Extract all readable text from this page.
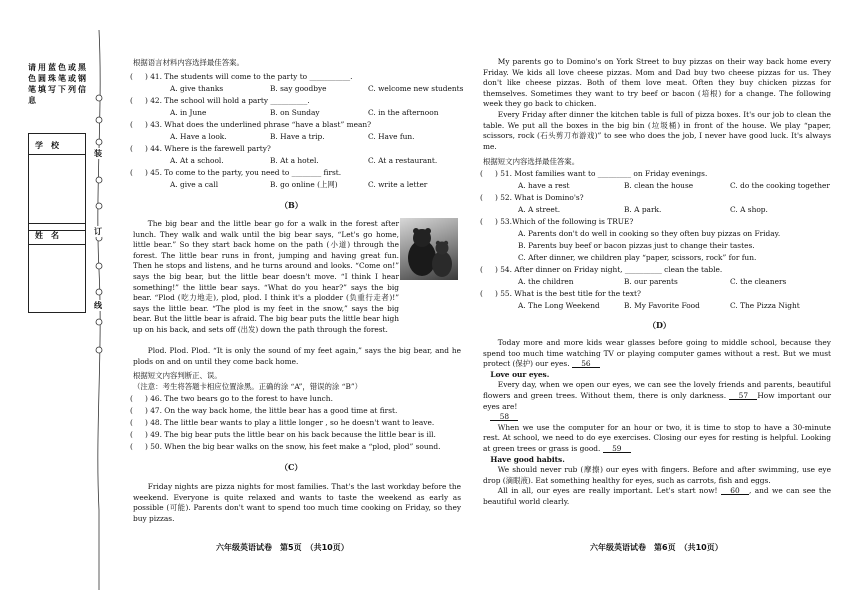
请用蓝色或黑色圆珠笔或钢笔填写下列信息
学　校
姓　名
装
订
线
根据语言材料内容选择最佳答案。
( 　 ) 41. The students will come to the party to ___________.
A. give thanks	B. say goodbye	C. welcome new students
( 　 ) 42. The school will hold a party __________.
A. in June	B. on Sunday	C. in the afternoon
( 　 ) 43. What does the underlined phrase “have a blast” mean?
A. Have a look.	B. Have a trip.	C. Have fun.
( 　 ) 44. Where is the farewell party?
A. At a school.	B. At a hotel.	C. At a restaurant.
( 　 ) 45. To come to the party, you need to ________ first.
A. give a call	B. go online (上网)	C. write a letter
（B）

The big bear and the little bear go for a walk in the forest after lunch. They walk and walk until the big bear says, “Let's go home, little bear.” So they start back home on the path (小道) through the forest. The little bear runs in front, jumping and having great fun. Then he stops and listens, and he turns around and looks. “Come on!” says the big bear, but the little bear doesn't move. “I think I hear something!” the little bear says. “What do you hear?” says the big bear. “Plod (吃力地走), plod, plod. I think it's a plodder (负重行走者)!” says the little bear. “The plod is my feet in the snow,” says the big bear. But the little bear is afraid. The big bear puts the little bear high up on his back, and sets off (出发) down the path through the forest.

Plod. Plod. Plod. “It is only the sound of my feet again,” says the big bear, and he plods on and on until they come back home.

根据短文内容判断正、误。
（注意：考生将答题卡相应位置涂黑。正确的涂 “A”，错误的涂 “B”）
( 　 ) 46. The two bears go to the forest to have lunch.
( 　 ) 47. On the way back home, the little bear has a good time at first.
( 　 ) 48. The little bear wants to play a little longer , so he doesn't want to leave.
( 　 ) 49. The big bear puts the little bear on his back because the little bear is ill.
( 　 ) 50. When the big bear walks on the snow, his feet make a “plod, plod” sound.
（C）

Friday nights are pizza nights for most families. That's the last workday before the weekend. Everyone is quite relaxed and wants to taste the weekend as early as possible (可能). Parents don't want to spend too much time cooking on Friday, so they buy pizzas.

六年级英语试卷　第5页　（共10页）

My parents go to Domino's on York Street to buy pizzas on their way back home every Friday. We kids all love cheese pizzas. Mom and Dad buy two cheese pizzas for us. They don't like cheese pizzas. Both of them love meat. Often they buy chicken pizzas for themselves. Sometimes they want to try beef or bacon (培根) for a change. The following week they go back to chicken.

Every Friday after dinner the kitchen table is full of pizza boxes. It's our job to clean the table. We put all the boxes in the big bin (垃圾桶) in front of the house. We play “paper, scissors, rock (石头剪刀布游戏)” to see who does the job, I never have good luck. It's always me.

根据短文内容选择最佳答案。
( 　 ) 51. Most families want to _________ on Friday evenings.
A. have a rest	B. clean the house	C. do the cooking together
( 　 ) 52. What is Domino's?
A. A street.	B. A park.	C. A shop.
( 　 ) 53.Which of the following is TRUE?
A. Parents don't do well in cooking so they often buy pizzas on Friday.
B. Parents buy beef or bacon pizzas just to change their tastes.
C. After dinner, we children play “paper, scissors, rock” for fun.
( 　 ) 54. After dinner on Friday night, __________ clean the table.
A. the children	B. our parents	C. the cleaners
( 　 ) 55. What is the best title for the text?
A. The Long Weekend	B. My Favorite Food	C. The Pizza Night
（D）

Today more and more kids wear glasses before going to middle school, because they spend too much time watching TV or playing computer games without a rest. But we must protect (保护) our eyes. 56

Love our eyes.

Every day, when we open our eyes, we can see the lovely friends and parents, beautiful flowers and green trees. Without them, there is only darkness. 57 How important our eyes are!

58

When we use the computer for an hour or two, it is time to stop to have a 30-minute rest. At school, we need to do eye exercises. Closing our eyes for resting is helpful. Looking at green trees or grass is good. 59

Have good habits.

We should never rub (摩擦) our eyes with fingers. Before and after swimming, use eye drop (滴眼液). Eat something healthy for eyes, such as carrots, fish and eggs.

All in all, our eyes are really important. Let's start now! 60 , and we can see the beautiful world clearly.

六年级英语试卷　第6页　（共10页）
